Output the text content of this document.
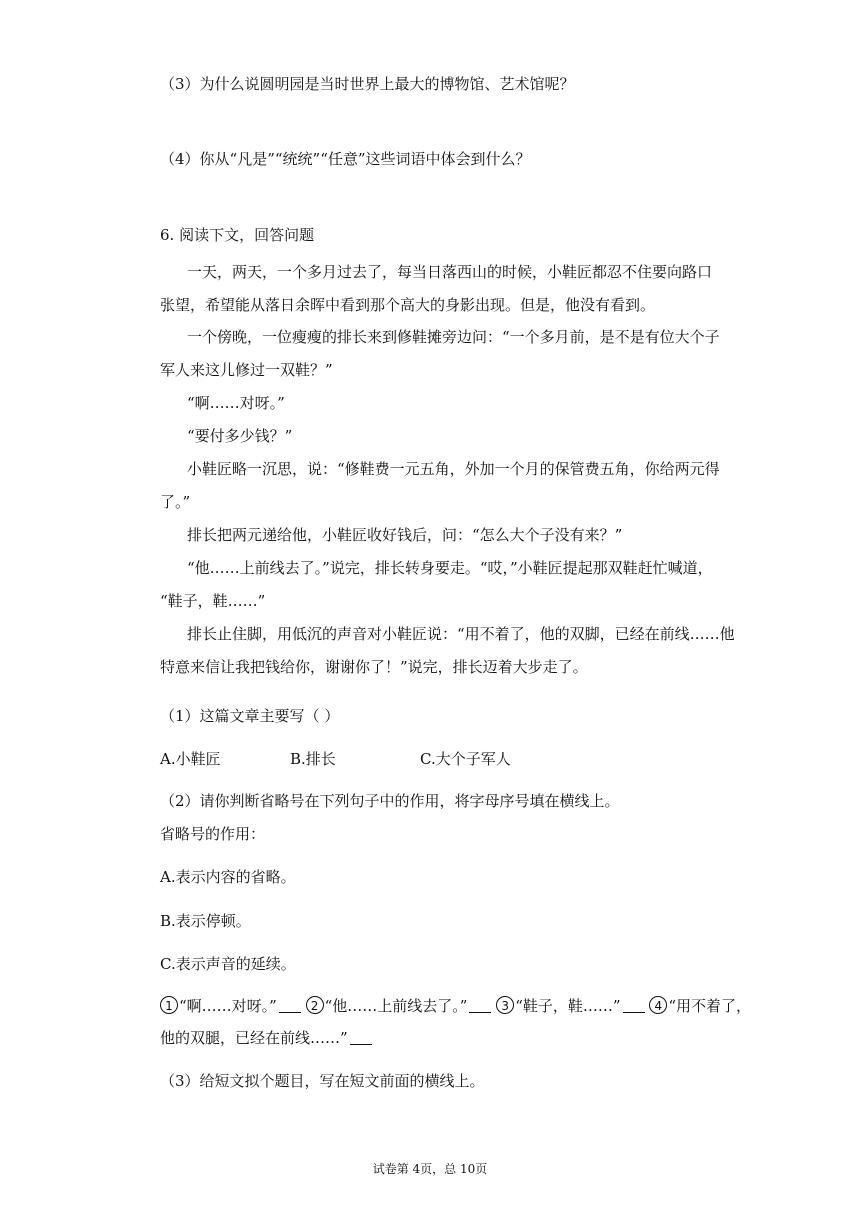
（3）为什么说圆明园是当时世界上最大的博物馆、艺术馆呢？
（4）你从“凡是”“统统”“任意”这些词语中体会到什么？
6. 阅读下文，回答问题
一天，两天，一个多月过去了，每当日落西山的时候，小鞋匠都忍不住要向路口
张望，希望能从落日余晖中看到那个高大的身影出现。但是，他没有看到。
一个傍晚，一位瘦瘦的排长来到修鞋摊旁边问：“一个多月前，是不是有位大个子
军人来这儿修过一双鞋？”
“啊……对呀。”
“要付多少钱？”
小鞋匠略一沉思，说：“修鞋费一元五角，外加一个月的保管费五角，你给两元得
了。”
排长把两元递给他，小鞋匠收好钱后，问：“怎么大个子没有来？”
“他……上前线去了。”说完，排长转身要走。“哎，”小鞋匠提起那双鞋赶忙喊道，
“鞋子，鞋……”
排长止住脚，用低沉的声音对小鞋匠说：“用不着了，他的双脚，已经在前线……他
特意来信让我把钱给你，谢谢你了！”说完，排长迈着大步走了。
（1）这篇文章主要写（ ）
A.小鞋匠	B.排长	C.大个子军人
（2）请你判断省略号在下列句子中的作用，将字母序号填在横线上。
省略号的作用：
A.表示内容的省略。
B.表示停顿。
C.表示声音的延续。
1 “啊……对呀。”	2 “他……上前线去了。”	3 “鞋子，鞋……”	4 “用不着了，
他的双腿，已经在前线……”
（3）给短文拟个题目，写在短文前面的横线上。
试卷第 4页，总 10页
